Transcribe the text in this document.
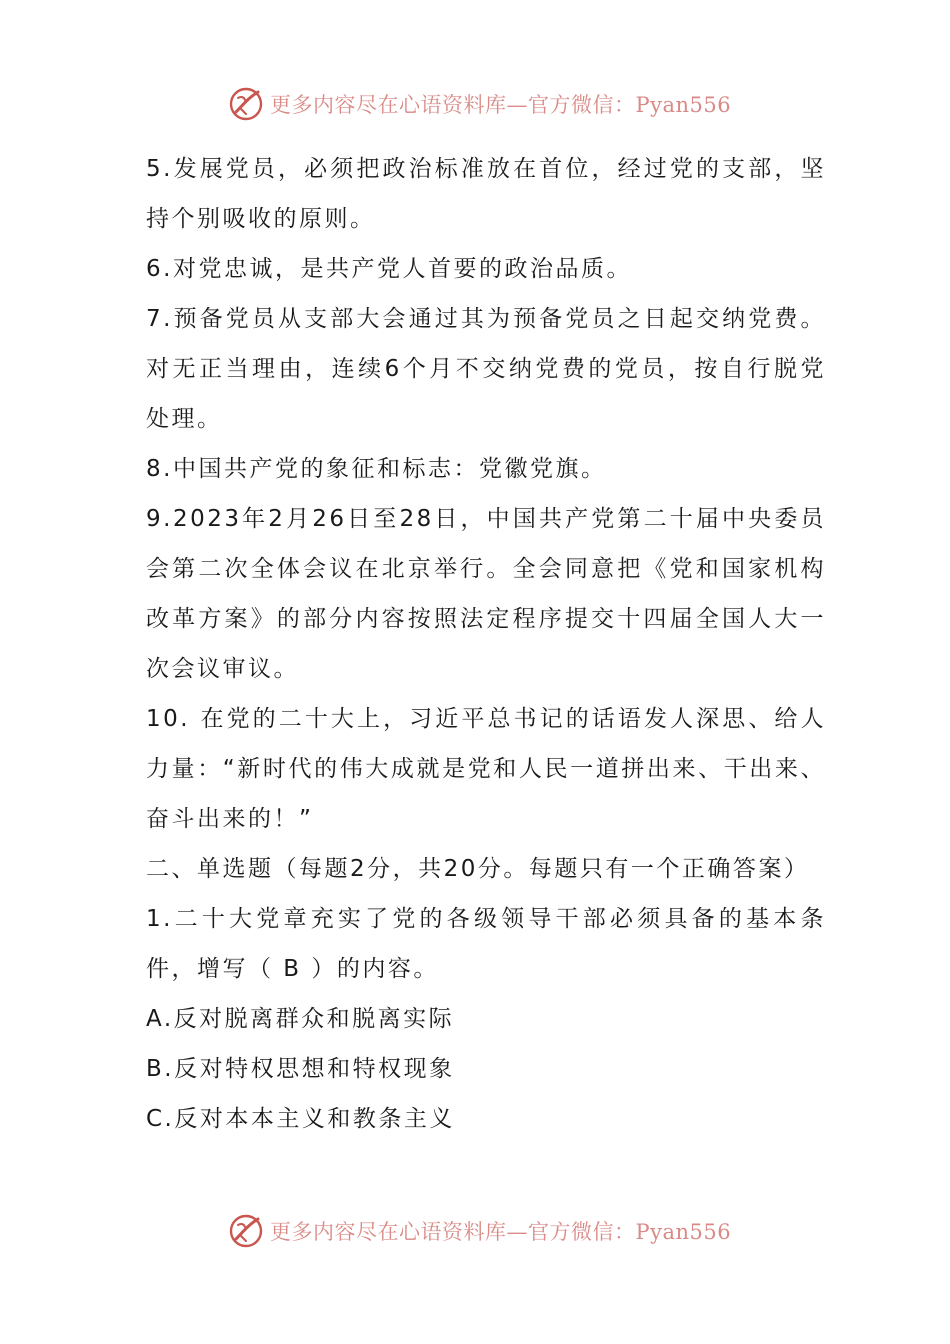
更多内容尽在心语资料库—官方微信：Pyan556

5.发展党员，必须把政治标准放在首位，经过党的支部，坚持个别吸收的原则。

6.对党忠诚，是共产党人首要的政治品质。

7.预备党员从支部大会通过其为预备党员之日起交纳党费。对无正当理由，连续6个月不交纳党费的党员，按自行脱党处理。

8.中国共产党的象征和标志：党徽党旗。

9.2023年2月26日至28日，中国共产党第二十届中央委员会第二次全体会议在北京举行。全会同意把《党和国家机构改革方案》的部分内容按照法定程序提交十四届全国人大一次会议审议。

10. 在党的二十大上，习近平总书记的话语发人深思、给人力量：“新时代的伟大成就是党和人民一道拼出来、干出来、奋斗出来的！”

二、单选题（每题2分，共20分。每题只有一个正确答案）

1.二十大党章充实了党的各级领导干部必须具备的基本条件，增写（ B ）的内容。

A.反对脱离群众和脱离实际

B.反对特权思想和特权现象

C.反对本本主义和教条主义

更多内容尽在心语资料库—官方微信：Pyan556
